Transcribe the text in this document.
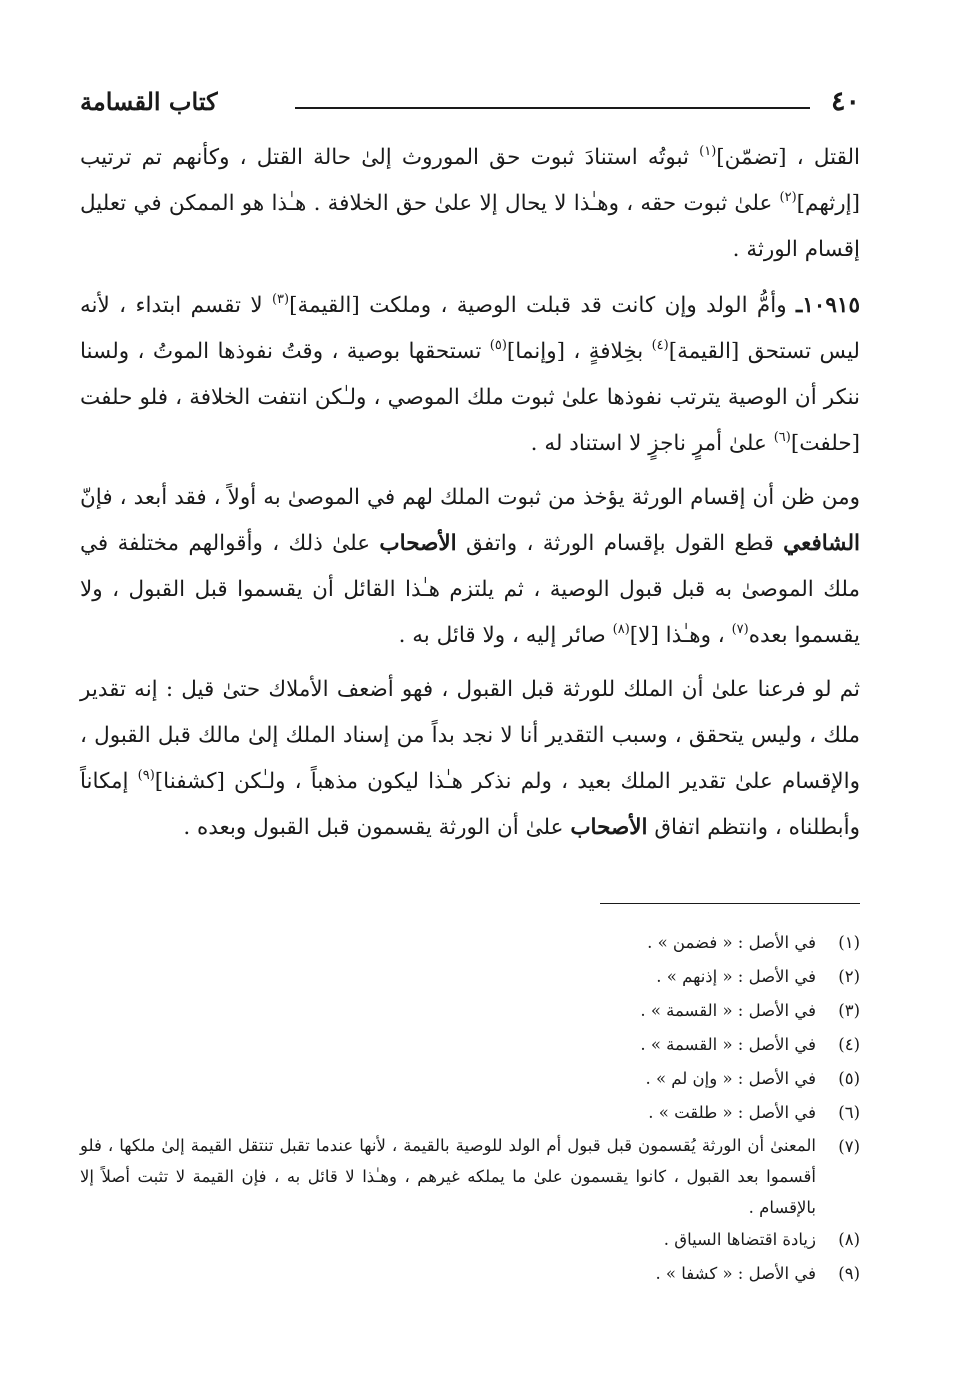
٤٠
كتاب القسامة

القتل ، [تضمّن]$^{(١)}$ ثبوتُه استنادَ ثبوت حق الموروث إلىٰ حالة القتل ، وكأنهم تم ترتيب [إرثهم]$^{(٢)}$ علىٰ ثبوت حقه ، وهـٰذا لا يحال إلا علىٰ حق الخلافة . هـٰذا هو الممكن في تعليل إقسام الورثة .

١٠٩١٥ـ وأمُّ الولد وإن كانت قد قبلت الوصية ، وملكت [القيمة]$^{(٣)}$ لا تقسم ابتداء ، لأنه ليس تستحق [القيمة]$^{(٤)}$ بخِلافةٍ ، [وإنما]$^{(٥)}$ تستحقها بوصية ، وقتُ نفوذها الموتُ ، ولسنا ننكر أن الوصية يترتب نفوذها علىٰ ثبوت ملك الموصي ، ولـٰكن انتفت الخلافة ، فلو حلفت [حلفت]$^{(٦)}$ علىٰ أمرٍ ناجزٍ لا استناد له .

ومن ظن أن إقسام الورثة يؤخذ من ثبوت الملك لهم في الموصىٰ به أولاً ، فقد أبعد ، فإنّ الشافعي قطع القول بإقسام الورثة ، واتفق الأصحاب علىٰ ذلك ، وأقوالهم مختلفة في ملك الموصىٰ به قبل قبول الوصية ، ثم يلتزم هـٰذا القائل أن يقسموا قبل القبول ، ولا يقسموا بعده$^{(٧)}$ ، وهـٰذا [لا]$^{(٨)}$ صائر إليه ، ولا قائل به .

ثم لو فرعنا علىٰ أن الملك للورثة قبل القبول ، فهو أضعف الأملاك حتىٰ قيل : إنه تقدير ملك ، وليس يتحقق ، وسبب التقدير أنا لا نجد بداً من إسناد الملك إلىٰ مالك قبل القبول ، والإقسام علىٰ تقدير الملك بعيد ، ولم نذكر هـٰذا ليكون مذهباً ، ولـٰكن [كشفنا]$^{(٩)}$ إمكاناً وأبطلناه ، وانتظم اتفاق الأصحاب علىٰ أن الورثة يقسمون قبل القبول وبعده .

(١)
في الأصل : « فضمن » .
(٢)
في الأصل : « إذنهم » .
(٣)
في الأصل : « القسمة » .
(٤)
في الأصل : « القسمة » .
(٥)
في الأصل : « وإن لم » .
(٦)
في الأصل : « طلقت » .
(٧)
المعنىٰ أن الورثة يُقسمون قبل قبول أم الولد للوصية بالقيمة ، لأنها عندما تقبل تنتقل القيمة إلىٰ ملكها ، فلو أقسموا بعد القبول ، كانوا يقسمون علىٰ ما يملكه غيرهم ، وهـٰذا لا قائل به ، فإن القيمة لا تثبت أصلاً إلا بالإقسام .
(٨)
زيادة اقتضاها السياق .
(٩)
في الأصل : « كشفا » .
